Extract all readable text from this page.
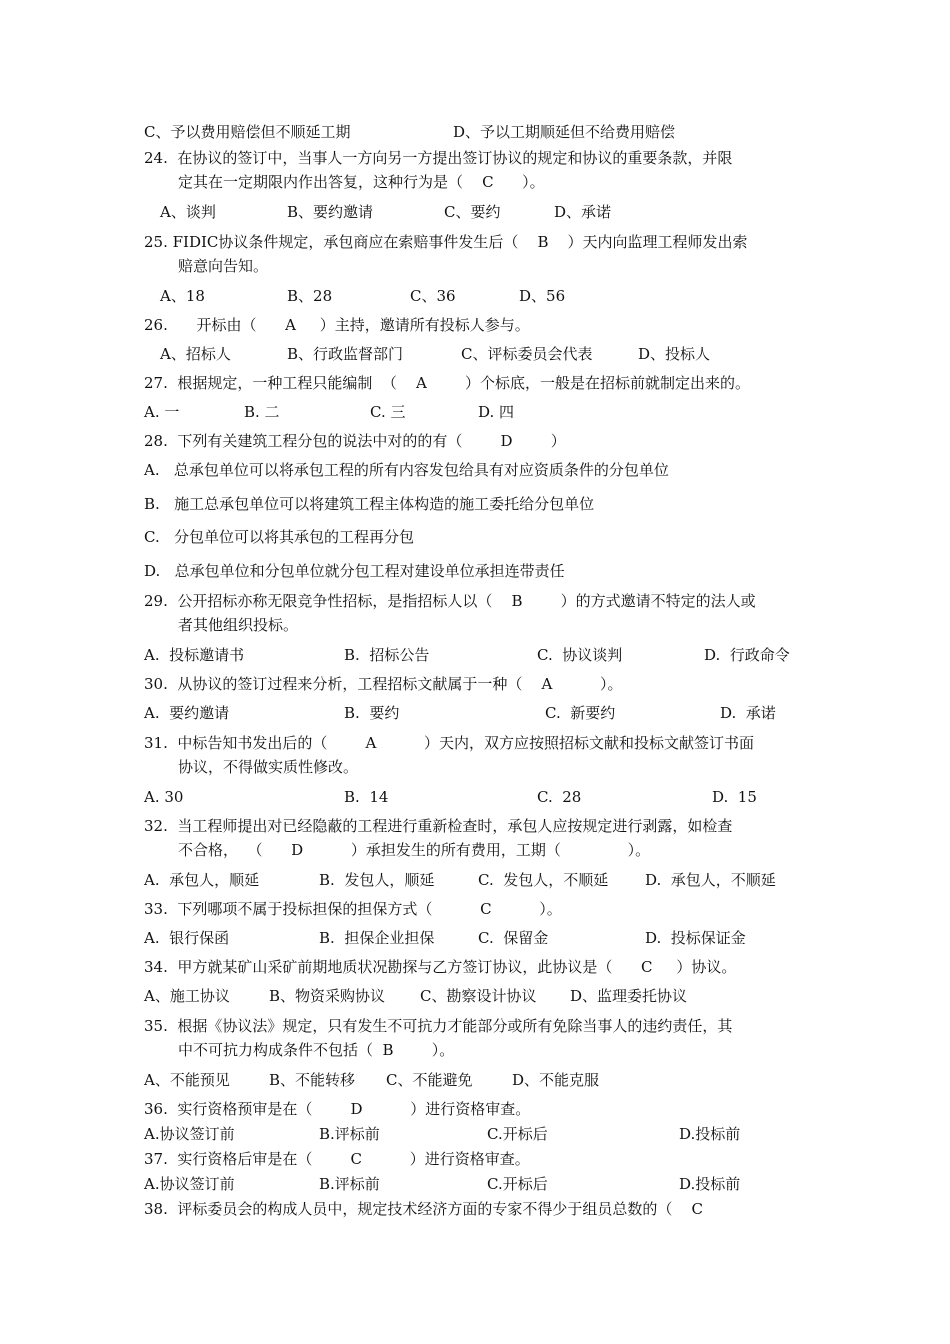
C、予以费用赔偿但不顺延工期	D、予以工期顺延但不给费用赔偿
24.  在协议的签订中，当事人一方向另一方提出签订协议的规定和协议的重要条款，并限
定其在一定期限内作出答复，这种行为是（    C      ）。
A、谈判	B、要约邀请	C、要约	D、承诺
25. FIDIC协议条件规定，承包商应在索赔事件发生后（    B    ）天内向监理工程师发出索
赔意向告知。
A、18	B、28	C、36	D、56
26.      开标由（      A     ）主持，邀请所有投标人参与。
A、招标人	B、行政监督部门	C、评标委员会代表	D、投标人
27.  根据规定，一种工程只能编制  （    A        ）个标底，一般是在招标前就制定出来的。
A. 一	B. 二	C. 三	D. 四
28.  下列有关建筑工程分包的说法中对的的有（        D        ）
A.   总承包单位可以将承包工程的所有内容发包给具有对应资质条件的分包单位
B.   施工总承包单位可以将建筑工程主体构造的施工委托给分包单位
C.   分包单位可以将其承包的工程再分包
D.   总承包单位和分包单位就分包工程对建设单位承担连带责任
29.  公开招标亦称无限竞争性招标，是指招标人以（    B        ）的方式邀请不特定的法人或
者其他组织投标。
A.  投标邀请书	B.  招标公告	C.  协议谈判	D.  行政命令
30.  从协议的签订过程来分析，工程招标文献属于一种（    A          ）。
A.  要约邀请	B.  要约	C.  新要约	D.  承诺
31.  中标告知书发出后的（        A          ）天内，双方应按照招标文献和投标文献签订书面
协议，不得做实质性修改。
A. 30	B.  14	C.  28	D.  15
32.  当工程师提出对已经隐蔽的工程进行重新检查时，承包人应按规定进行剥露，如检查
不合格，  （      D          ）承担发生的所有费用，工期（              ）。
A.  承包人，顺延	B.  发包人，顺延	C.  发包人，不顺延 D.  承包人，不顺延
33.  下列哪项不属于投标担保的担保方式（          C          ）。
A.  银行保函	B.  担保企业担保	C.  保留金	D.  投标保证金
34.  甲方就某矿山采矿前期地质状况勘探与乙方签订协议，此协议是（      C     ）协议。
A、施工协议	B、物资采购协议 C、勘察设计协议 D、监理委托协议
35.  根据《协议法》规定，只有发生不可抗力才能部分或所有免除当事人的违约责任，其
中不可抗力构成条件不包括（  B        ）。
A、不能预见	B、不能转移 C、不能避免	D、不能克服
36.  实行资格预审是在（        D          ）进行资格审查。
A.协议签订前	B.评标前	C.开标后	D.投标前
37.  实行资格后审是在（        C          ）进行资格审查。
A.协议签订前	B.评标前	C.开标后	D.投标前
38.  评标委员会的构成人员中，规定技术经济方面的专家不得少于组员总数的（    C
